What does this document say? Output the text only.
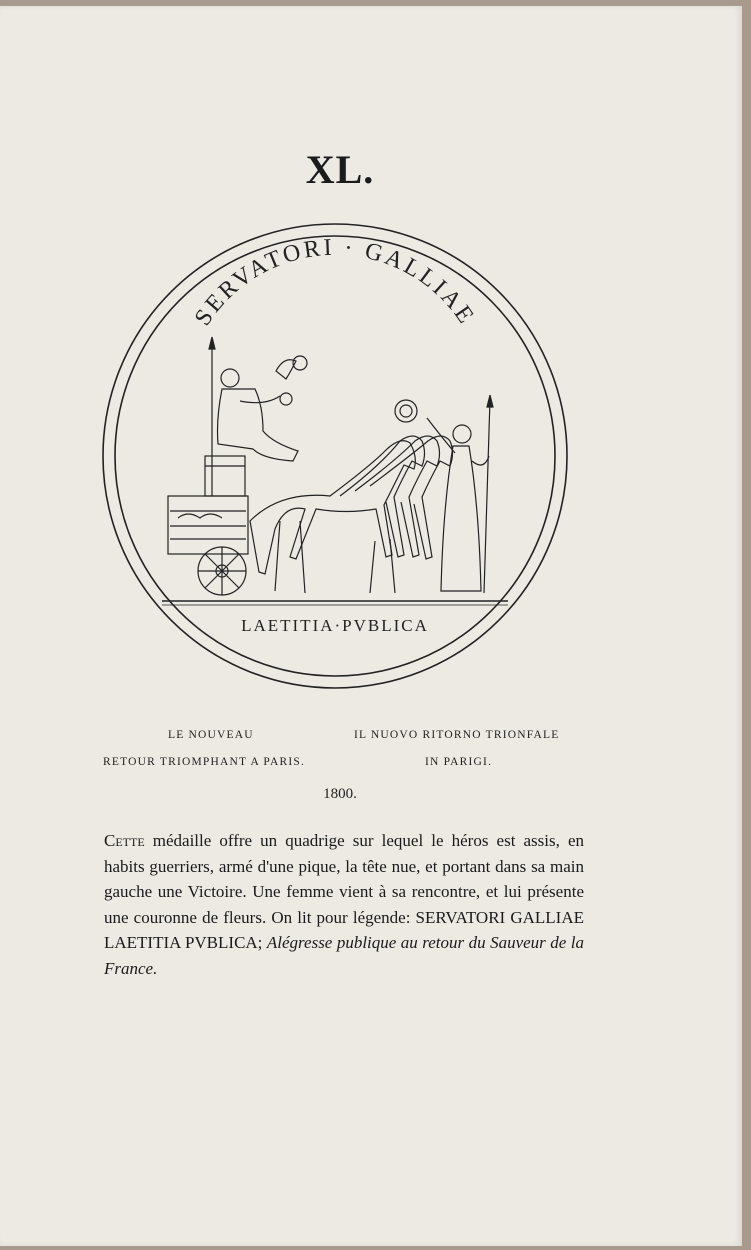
XL.
SERVATORI · GALLIAE
LAETITIA·PVBLICA
LE NOUVEAU
RETOUR TRIOMPHANT A PARIS.
IL NUOVO RITORNO TRIONFALE
IN PARIGI.
1800.

Cette médaille offre un quadrige sur lequel le héros est assis, en habits guerriers, armé d'une pique, la tête nue, et portant dans sa main gauche une Victoire. Une femme vient à sa rencontre, et lui présente une couronne de fleurs. On lit pour légende: SERVATORI GALLIAE LAETITIA PVBLICA; Alégresse publique au retour du Sauveur de la France.
